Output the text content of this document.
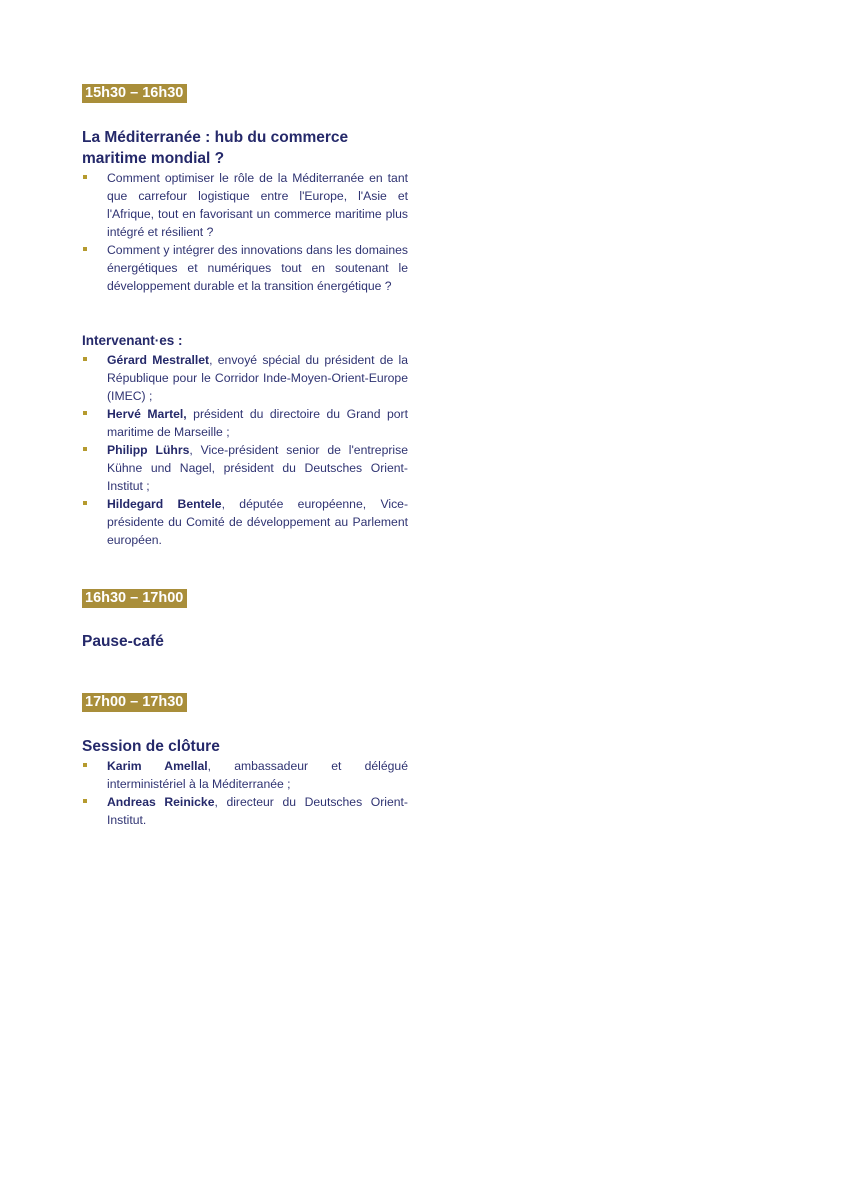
15h30 – 16h30
La Méditerranée : hub du commerce maritime mondial ?
Comment optimiser le rôle de la Méditerranée en tant que carrefour logistique entre l'Europe, l'Asie et l'Afrique, tout en favorisant un commerce maritime plus intégré et résilient ?
Comment y intégrer des innovations dans les domaines énergétiques et numériques tout en soutenant le développement durable et la transition énergétique ?
Intervenant·es :
Gérard Mestrallet, envoyé spécial du président de la République pour le Corridor Inde-Moyen-Orient-Europe (IMEC) ;
Hervé Martel, président du directoire du Grand port maritime de Marseille ;
Philipp Lührs, Vice-président senior de l'entreprise Kühne und Nagel, président du Deutsches Orient-Institut ;
Hildegard Bentele, députée européenne, Vice-présidente du Comité de développement au Parlement européen.
16h30 – 17h00
Pause-café
17h00 – 17h30
Session de clôture
Karim Amellal, ambassadeur et délégué interministériel à la Méditerranée ;
Andreas Reinicke, directeur du Deutsches Orient-Institut.
